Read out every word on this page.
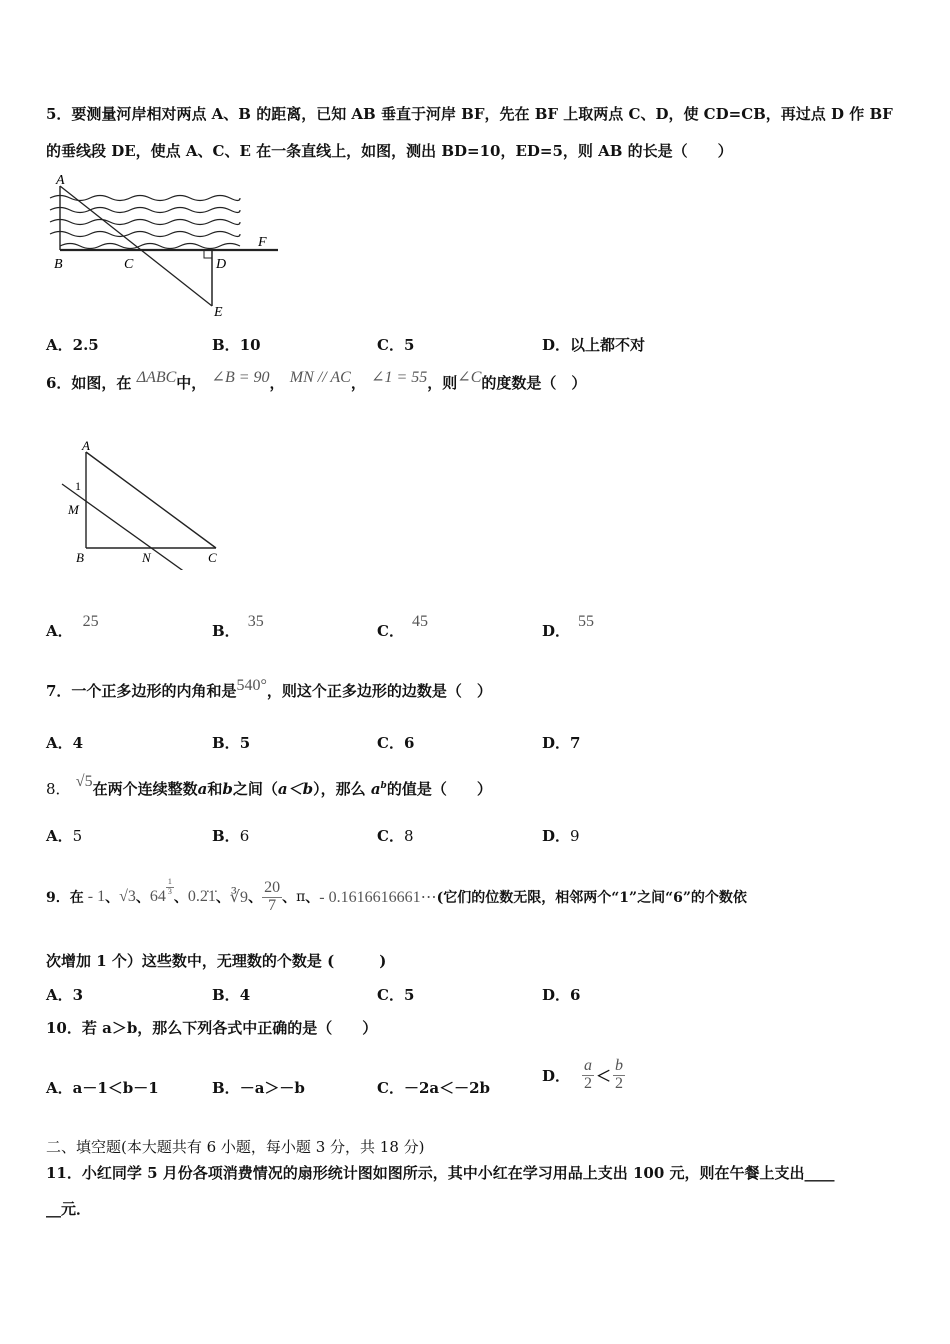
5．要测量河岸相对两点 A、B 的距离，已知 AB 垂直于河岸 BF，先在 BF 上取两点 C、D，使 CD=CB，再过点 D 作 BF
的垂线段 DE，使点 A、C、E 在一条直线上，如图，测出 BD=10，ED=5，则 AB 的长是（　　）
A
B	C	D
E
F
A．2.5	B．10	C．5	D．以上都不对
6．如图，在 ΔABC中， ∠B = 90， MN // AC， ∠1 = 55，则∠C的度数是（　）
A
1
M
B	N	C
A．25
B．35
C．45
D．55
7．一个正多边形的内角和是540°，则这个正多边形的边数是（　）
A．4	B．5	C．6	D．7
8． √5在两个连续整数a和b之间（a＜b），那么 $a^b$的值是（　　）
A．5	B．6	C．8	D．9
9．在 - 1 、 √3 、 64
$\frac{1}{3}$
、 0.2̇1̇ 、 ∛9 、 $\frac{20}{7}$ 、 π 、 - 0.1616616661⋯ (它们的位数无限，相邻两个“1”之间“6”的个数依
次增加 1 个）这些数中，无理数的个数是 (　　　)
A．3	B．4	C．5	D．6
10．若 a＞b，那么下列各式中正确的是（　　）
A．a－1＜b－1	B．－a＞－b	C．－2a＜－2b
D． $\frac{a}{2} < \frac{b}{2}$
二、填空题(本大题共有 6 小题，每小题 3 分，共 18 分)
11．小红同学 5 月份各项消费情况的扇形统计图如图所示，其中小红在学习用品上支出 100 元，则在午餐上支出____
__元．
